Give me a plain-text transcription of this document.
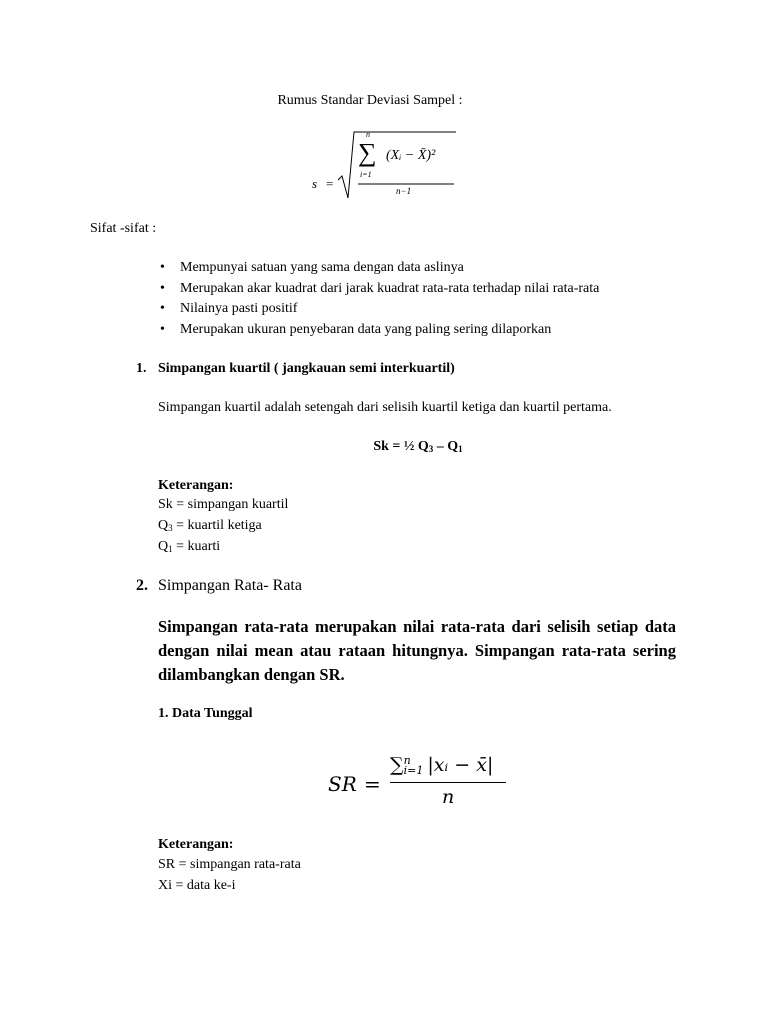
Rumus Standar Deviasi Sampel :
s =
n
∑
i=1
(Xᵢ − X̄)²
n−1
Sifat -sifat :
• Mempunyai satuan yang sama dengan data aslinya
• Merupakan akar kuadrat dari jarak kuadrat rata-rata terhadap nilai rata-rata
• Nilainya pasti positif
• Merupakan ukuran penyebaran data yang paling sering dilaporkan
1. Simpangan kuartil ( jangkauan semi interkuartil)
Simpangan kuartil adalah setengah dari selisih kuartil ketiga dan kuartil pertama.
Sk = ½ $Q_3 - Q_1$
Keterangan:
Sk = simpangan kuartil
$Q_3$ = kuartil ketiga
$Q_1$ = kuarti
2. Simpangan Rata- Rata
Simpangan rata-rata merupakan nilai rata-rata dari selisih setiap data dengan nilai mean atau rataan hitungnya. Simpangan rata-rata sering dilambangkan dengan SR.
1. Data Tunggal
SR =
∑ n
i=1 |xᵢ − x̄|
n
Keterangan:
SR = simpangan rata-rata
Xi = data ke-i
